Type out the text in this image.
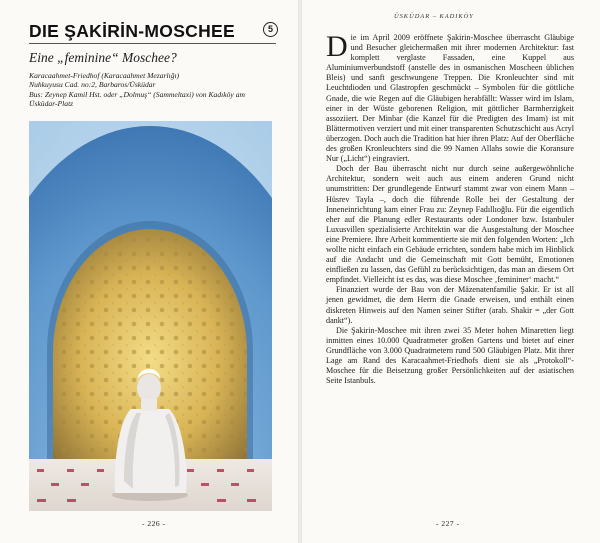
DIE ŞAKİRİN-MOSCHEE	5
Eine „feminine“ Moschee?
Karacaahmet-Friedhof (Karacaahmet Mezarlığı)
Nuhkuyusu Cad. no:2, Barbaros/Üsküdar
Bus: Zeynep Kamil Hst. oder „Dolmuş“ (Sammeltaxi) von Kadıköy am
Üsküdar-Platz
- 226 -
ÜSKÜDAR – KADIKÖY

Die im April 2009 eröffnete Şakirin-Moschee überrascht Gläubige und Besucher gleichermaßen mit ihrer modernen Architektur: fast komplett verglaste Fassaden, eine Kuppel aus Aluminiumverbundstoff (anstelle des in osmanischen Moscheen üblichen Bleis) und sanft geschwungene Treppen. Die Kronleuchter sind mit Leuchtdioden und Glastropfen geschmückt – Symbolen für die göttliche Gnade, die wie Regen auf die Gläubigen herabfällt: Wasser wird im Islam, einer in der Wüste geborenen Religion, mit göttlicher Barmherzigkeit assoziiert. Der Minbar (die Kanzel für die Predigten des Imam) ist mit Blättermotiven verziert und mit einer transparenten Schutzschicht aus Acryl überzogen. Doch auch die Tradition hat hier ihren Platz: Auf der Oberfläche des großen Kronleuchters sind die 99 Namen Allahs sowie die Koransure Nur („Licht“) eingraviert.

Doch der Bau überrascht nicht nur durch seine außergewöhnliche Architektur, sondern weit auch aus einem anderen Grund nicht unumstritten: Der grundlegende Entwurf stammt zwar von einem Mann – Hüsrev Tayla –, doch die führende Rolle bei der Gestaltung der Inneneinrichtung kam einer Frau zu: Zeynep Fadıllıoğlu. Für die eigentlich eher auf die Planung edler Restaurants oder Londoner bzw. Istanbuler Luxusvillen spezialisierte Architektin war die Ausgestaltung der Moschee eine Premiere. Ihre Arbeit kommentierte sie mit den folgenden Worten: „Ich wollte nicht einfach ein Gebäude errichten, sondern habe mich im Hinblick auf die Andacht und die Gemeinschaft mit Gott bemüht, Emotionen einfließen zu lassen, das Gefühl zu berücksichtigen, das man an diesem Ort empfindet. Vielleicht ist es das, was diese Moschee ‚femininer‘ macht.“

Finanziert wurde der Bau von der Mäzenatenfamilie Şakir. Er ist all jenen gewidmet, die dem Herrn die Gnade erweisen, und enthält einen diskreten Hinweis auf den Namen seiner Stifter (arab. Shakir = „der Gott dankt“).

Die Şakirin-Moschee mit ihren zwei 35 Meter hohen Minaretten liegt inmitten eines 10.000 Quadratmeter großen Gartens und bietet auf einer Grundfläche von 3.000 Quadratmetern rund 500 Gläubigen Platz. Mit ihrer Lage am Rand des Karacaahmet-Friedhofs dient sie als „Protokoll“-Moschee für die Beisetzung großer Persönlichkeiten auf der asiatischen Seite Istanbuls.

- 227 -
